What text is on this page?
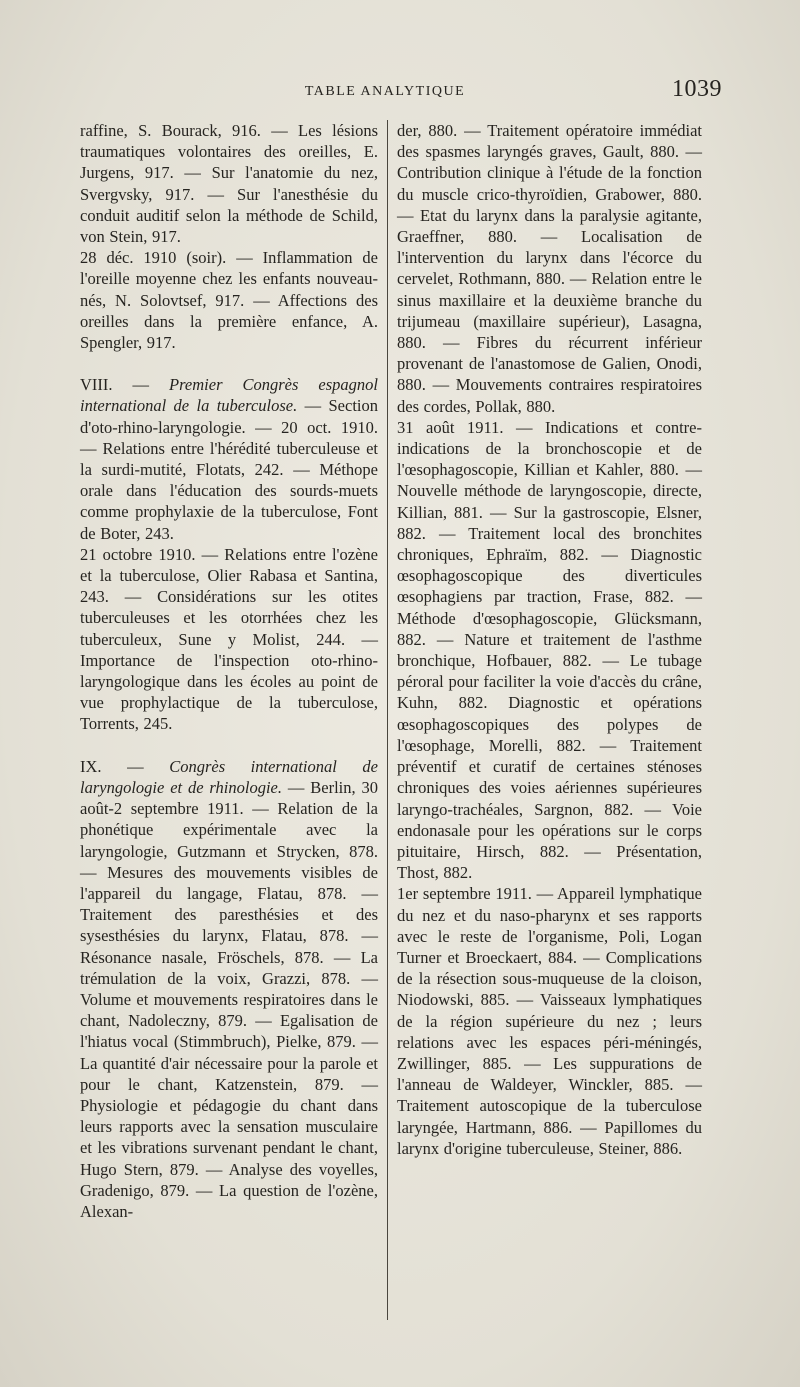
TABLE ANALYTIQUE	1039

raffine, S. Bourack, 916. — Les lésions traumatiques volontaires des oreilles, E. Jurgens, 917. — Sur l'anatomie du nez, Svergvsky, 917. — Sur l'anesthésie du conduit auditif selon la méthode de Schild, von Stein, 917.

28 déc. 1910 (soir). — Inflammation de l'oreille moyenne chez les enfants nouveau-nés, N. Solovtsef, 917. — Affections des oreilles dans la première enfance, A. Spengler, 917.

VIII. — Premier Congrès espagnol international de la tuberculose. — Section d'oto-rhino-laryngologie. — 20 oct. 1910. — Relations entre l'hérédité tuberculeuse et la surdi-mutité, Flotats, 242. — Méthope orale dans l'éducation des sourds-muets comme prophylaxie de la tuberculose, Font de Boter, 243.

21 octobre 1910. — Relations entre l'ozène et la tuberculose, Olier Rabasa et Santina, 243. — Considérations sur les otites tuberculeuses et les otorrhées chez les tuberculeux, Sune y Molist, 244. — Importance de l'inspection oto-rhino-laryngologique dans les écoles au point de vue prophylactique de la tuberculose, Torrents, 245.

IX. — Congrès international de laryngologie et de rhinologie. — Berlin, 30 août-2 septembre 1911. — Relation de la phonétique expérimentale avec la laryngologie, Gutzmann et Strycken, 878. — Mesures des mouvements visibles de l'appareil du langage, Flatau, 878. — Traitement des paresthésies et des sysesthésies du larynx, Flatau, 878. — Résonance nasale, Fröschels, 878. — La trémulation de la voix, Grazzi, 878. — Volume et mouvements respiratoires dans le chant, Nadoleczny, 879. — Egalisation de l'hiatus vocal (Stimmbruch), Pielke, 879. — La quantité d'air nécessaire pour la parole et pour le chant, Katzenstein, 879. — Physiologie et pédagogie du chant dans leurs rapports avec la sensation musculaire et les vibrations survenant pendant le chant, Hugo Stern, 879. — Analyse des voyelles, Gradenigo, 879. — La question de l'ozène, Alexan-

der, 880. — Traitement opératoire immédiat des spasmes laryngés graves, Gault, 880. — Contribution clinique à l'étude de la fonction du muscle crico-thyroïdien, Grabower, 880. — Etat du larynx dans la paralysie agitante, Graeffner, 880. — Localisation de l'intervention du larynx dans l'écorce du cervelet, Rothmann, 880. — Relation entre le sinus maxillaire et la deuxième branche du trijumeau (maxillaire supérieur), Lasagna, 880. — Fibres du récurrent inférieur provenant de l'anastomose de Galien, Onodi, 880. — Mouvements contraires respiratoires des cordes, Pollak, 880.

31 août 1911. — Indications et contre-indications de la bronchoscopie et de l'œsophagoscopie, Killian et Kahler, 880. — Nouvelle méthode de laryngoscopie, directe, Killian, 881. — Sur la gastroscopie, Elsner, 882. — Traitement local des bronchites chroniques, Ephraïm, 882. — Diagnostic œsophagoscopique des diverticules œsophagiens par traction, Frase, 882. — Méthode d'œsophagoscopie, Glücksmann, 882. — Nature et traitement de l'asthme bronchique, Hofbauer, 882. — Le tubage péroral pour faciliter la voie d'accès du crâne, Kuhn, 882. Diagnostic et opérations œsophagoscopiques des polypes de l'œsophage, Morelli, 882. — Traitement préventif et curatif de certaines sténoses chroniques des voies aériennes supérieures laryngo-trachéales, Sargnon, 882. — Voie endonasale pour les opérations sur le corps pituitaire, Hirsch, 882. — Présentation, Thost, 882.

1er septembre 1911. — Appareil lymphatique du nez et du naso-pharynx et ses rapports avec le reste de l'organisme, Poli, Logan Turner et Broeckaert, 884. — Complications de la résection sous-muqueuse de la cloison, Niodowski, 885. — Vaisseaux lymphatiques de la région supérieure du nez ; leurs relations avec les espaces péri-méningés, Zwillinger, 885. — Les suppurations de l'anneau de Waldeyer, Winckler, 885. — Traitement autoscopique de la tuberculose laryngée, Hartmann, 886. — Papillomes du larynx d'origine tuberculeuse, Steiner, 886.
